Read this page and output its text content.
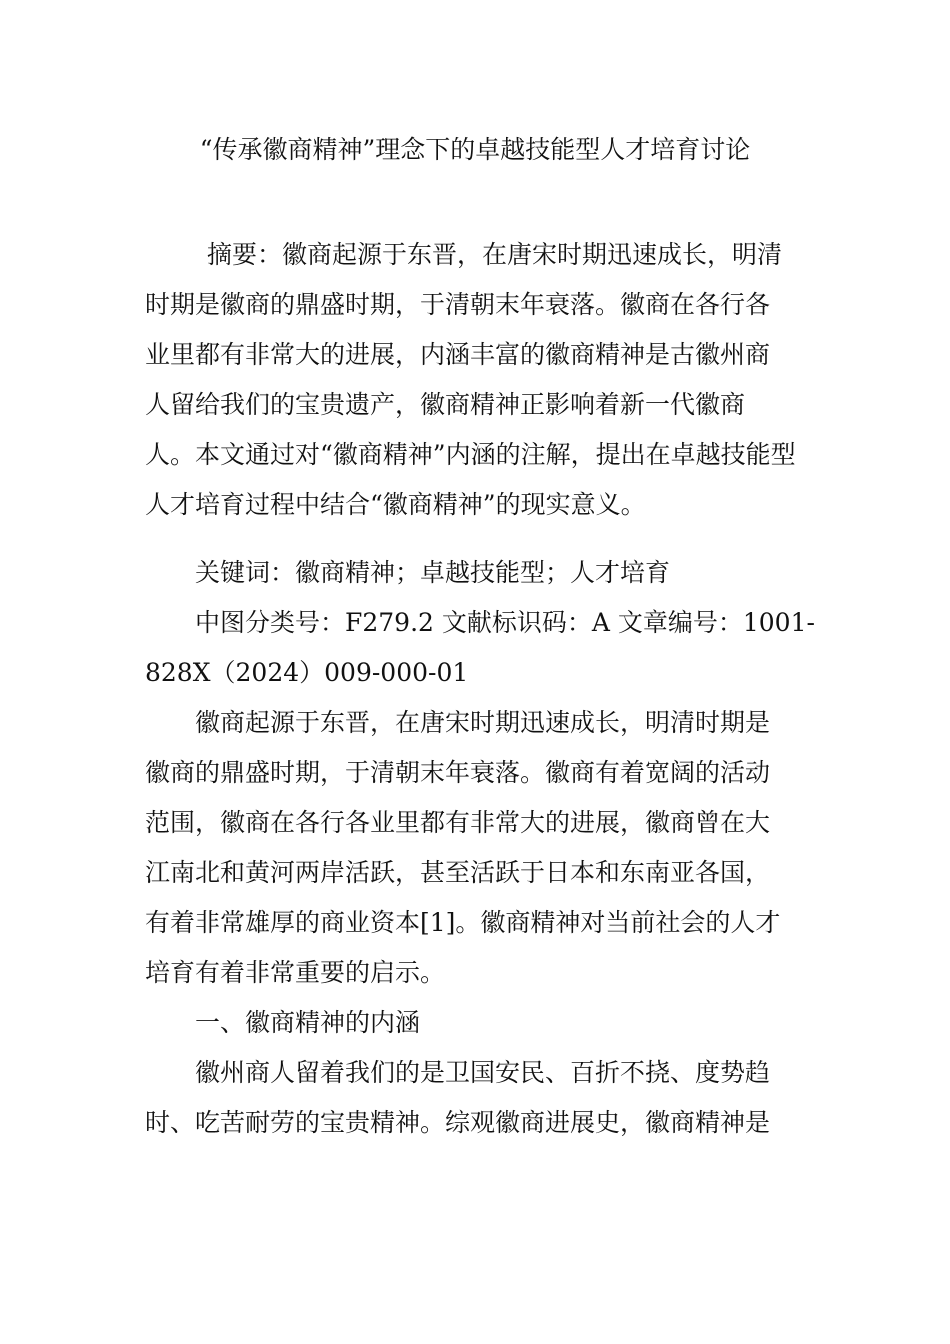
“传承徽商精神”理念下的卓越技能型人才培育讨论
摘要：徽商起源于东晋，在唐宋时期迅速成长，明清
时期是徽商的鼎盛时期，于清朝末年衰落。徽商在各行各
业里都有非常大的进展，内涵丰富的徽商精神是古徽州商
人留给我们的宝贵遗产，徽商精神正影响着新一代徽商
人。本文通过对“徽商精神”内涵的注解，提出在卓越技能型
人才培育过程中结合“徽商精神”的现实意义。
关键词：徽商精神；卓越技能型；人才培育
中图分类号：F279.2 文献标识码：A 文章编号：1001-
828X（2024）009-000-01
徽商起源于东晋，在唐宋时期迅速成长，明清时期是
徽商的鼎盛时期，于清朝末年衰落。徽商有着宽阔的活动
范围，徽商在各行各业里都有非常大的进展，徽商曾在大
江南北和黄河两岸活跃，甚至活跃于日本和东南亚各国，
有着非常雄厚的商业资本[1]。徽商精神对当前社会的人才
培育有着非常重要的启示。
一、徽商精神的内涵
徽州商人留着我们的是卫国安民、百折不挠、度势趋
时、吃苦耐劳的宝贵精神。综观徽商进展史，徽商精神是
